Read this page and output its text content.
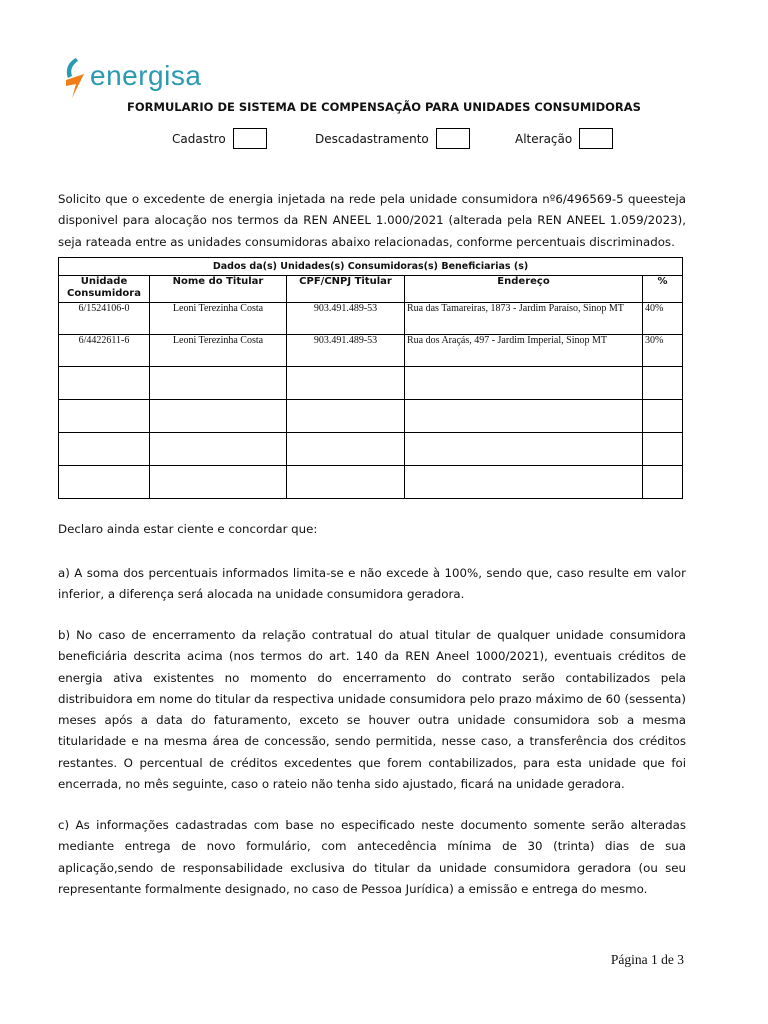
energisa
FORMULARIO DE SISTEMA DE COMPENSAÇÃO PARA UNIDADES CONSUMIDORAS
Cadastro	Descadastramento	Alteração
Solicito que o excedente de energia injetada na rede pela unidade consumidora nº6/496569-5 queesteja disponivel para alocação nos termos da REN ANEEL 1.000/2021 (alterada pela REN ANEEL 1.059/2023), seja rateada entre as unidades consumidoras abaixo relacionadas, conforme percentuais discriminados.
Dados da(s) Unidades(s) Consumidoras(s) Beneficiarias (s)				
Unidade Consumidora	Nome do Titular	CPF/CNPJ Titular	Endereço	%
6/1524106-0	Leoni Terezinha Costa	903.491.489-53	Rua das Tamareiras, 1873 - Jardim Paraíso, Sinop MT	40%
6/4422611-6	Leoni Terezinha Costa	903.491.489-53	Rua dos Araçás, 497 - Jardim Imperial, Sinop MT	30%

Declaro ainda estar ciente e concordar que:
a) A soma dos percentuais informados limita-se e não excede à 100%, sendo que, caso resulte em valor inferior, a diferença será alocada na unidade consumidora geradora.
b) No caso de encerramento da relação contratual do atual titular de qualquer unidade consumidora beneficiária descrita acima (nos termos do art. 140 da REN Aneel 1000/2021), eventuais créditos de energia ativa existentes no momento do encerramento do contrato serão contabilizados pela distribuidora em nome do titular da respectiva unidade consumidora pelo prazo máximo de 60 (sessenta) meses após a data do faturamento, exceto se houver outra unidade consumidora sob a mesma titularidade e na mesma área de concessão, sendo permitida, nesse caso, a transferência dos créditos restantes. O percentual de créditos excedentes que forem contabilizados, para esta unidade que foi encerrada, no mês seguinte, caso o rateio não tenha sido ajustado, ficará na unidade geradora.
c) As informações cadastradas com base no especificado neste documento somente serão alteradas mediante entrega de novo formulário, com antecedência mínima de 30 (trinta) dias de sua aplicação,sendo de responsabilidade exclusiva do titular da unidade consumidora geradora (ou seu representante formalmente designado, no caso de Pessoa Jurídica) a emissão e entrega do mesmo.
Página 1 de 3
